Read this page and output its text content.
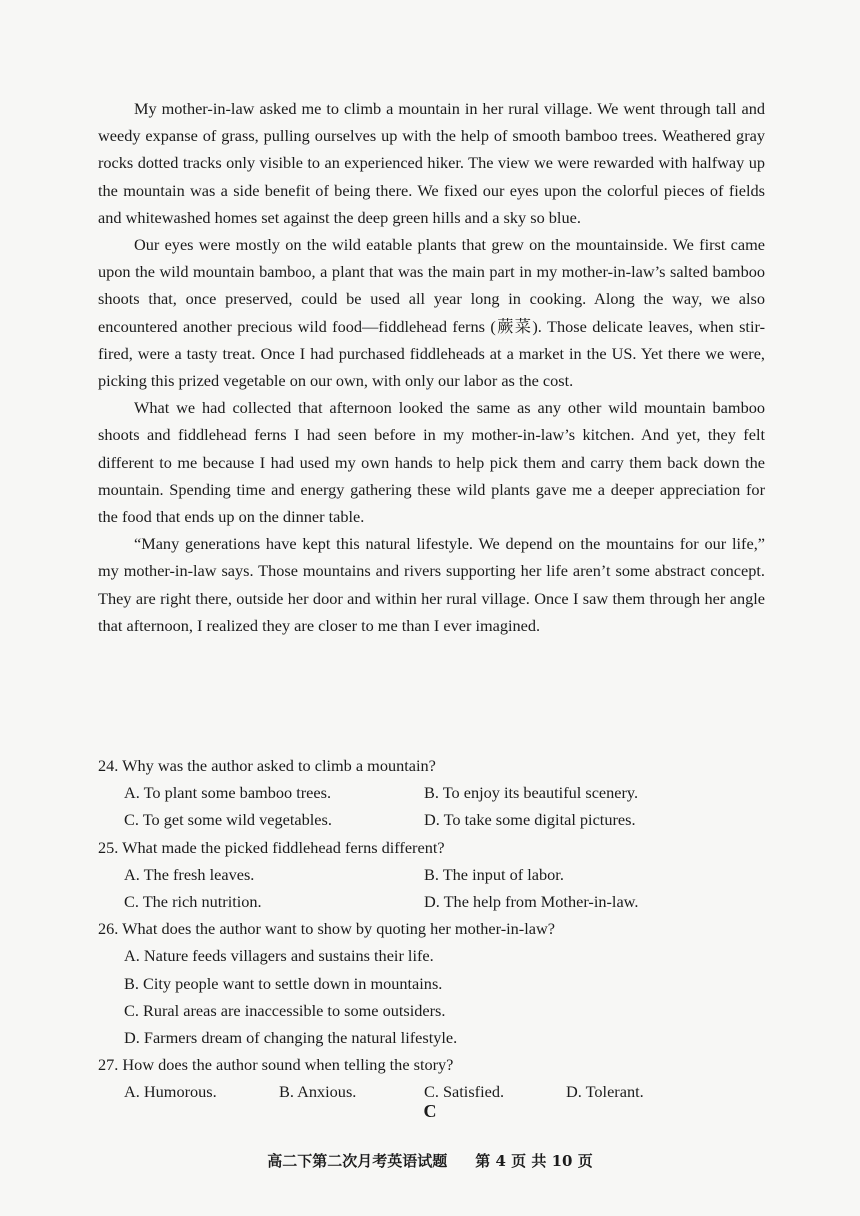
My mother-in-law asked me to climb a mountain in her rural village. We went through tall and weedy expanse of grass, pulling ourselves up with the help of smooth bamboo trees. Weathered gray rocks dotted tracks only visible to an experienced hiker. The view we were rewarded with halfway up the mountain was a side benefit of being there. We fixed our eyes upon the colorful pieces of fields and whitewashed homes set against the deep green hills and a sky so blue.

Our eyes were mostly on the wild eatable plants that grew on the mountainside. We first came upon the wild mountain bamboo, a plant that was the main part in my mother-in-law’s salted bamboo shoots that, once preserved, could be used all year long in cooking. Along the way, we also encountered another precious wild food—fiddlehead ferns (蕨菜). Those delicate leaves, when stir-fired, were a tasty treat. Once I had purchased fiddleheads at a market in the US. Yet there we were, picking this prized vegetable on our own, with only our labor as the cost.

What we had collected that afternoon looked the same as any other wild mountain bamboo shoots and fiddlehead ferns I had seen before in my mother-in-law’s kitchen. And yet, they felt different to me because I had used my own hands to help pick them and carry them back down the mountain. Spending time and energy gathering these wild plants gave me a deeper appreciation for the food that ends up on the dinner table.

“Many generations have kept this natural lifestyle. We depend on the mountains for our life,” my mother-in-law says. Those mountains and rivers supporting her life aren’t some abstract concept. They are right there, outside her door and within her rural village. Once I saw them through her angle that afternoon, I realized they are closer to me than I ever imagined.

24. Why was the author asked to climb a mountain?
A. To plant some bamboo trees.	B. To enjoy its beautiful scenery.
C. To get some wild vegetables.	D. To take some digital pictures.
25. What made the picked fiddlehead ferns different?
A. The fresh leaves.	B. The input of labor.
C. The rich nutrition.	D. The help from Mother-in-law.
26. What does the author want to show by quoting her mother-in-law?
A. Nature feeds villagers and sustains their life.
B. City people want to settle down in mountains.
C. Rural areas are inaccessible to some outsiders.
D. Farmers dream of changing the natural lifestyle.
27. How does the author sound when telling the story?
A. Humorous.	B. Anxious.	C. Satisfied.	D. Tolerant.
C
高二下第二次月考英语试题 第 4 页 共 10 页
